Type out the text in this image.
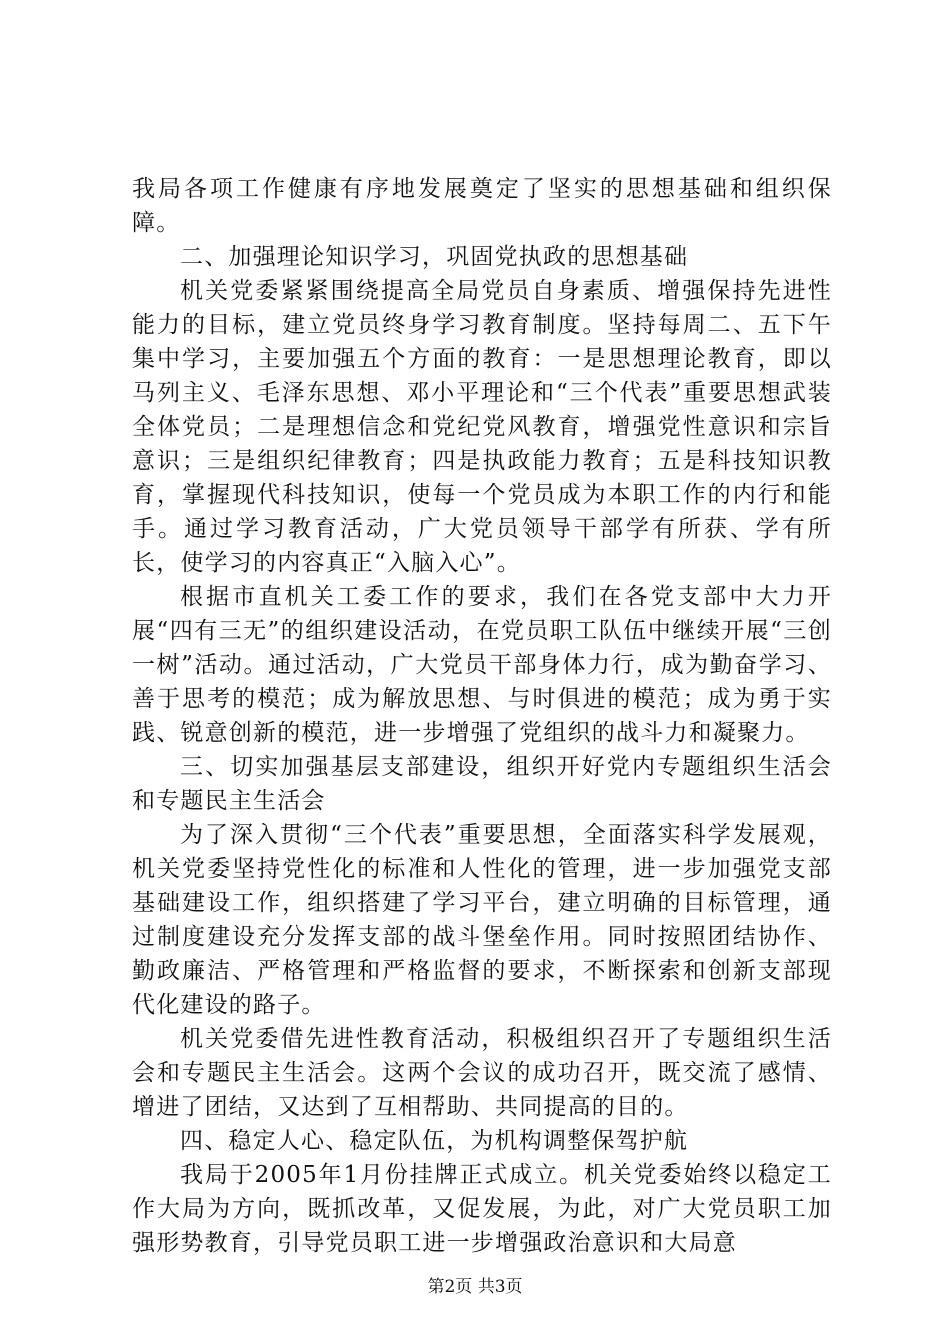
我局各项工作健康有序地发展奠定了坚实的思想基础和组织保障。

二、加强理论知识学习，巩固党执政的思想基础

机关党委紧紧围绕提高全局党员自身素质、增强保持先进性能力的目标，建立党员终身学习教育制度。坚持每周二、五下午集中学习，主要加强五个方面的教育：一是思想理论教育，即以马列主义、毛泽东思想、邓小平理论和“三个代表”重要思想武装全体党员；二是理想信念和党纪党风教育，增强党性意识和宗旨意识；三是组织纪律教育；四是执政能力教育；五是科技知识教育，掌握现代科技知识，使每一个党员成为本职工作的内行和能手。通过学习教育活动，广大党员领导干部学有所获、学有所长，使学习的内容真正“入脑入心”。

根据市直机关工委工作的要求，我们在各党支部中大力开展“四有三无”的组织建设活动，在党员职工队伍中继续开展“三创一树”活动。通过活动，广大党员干部身体力行，成为勤奋学习、善于思考的模范；成为解放思想、与时俱进的模范；成为勇于实践、锐意创新的模范，进一步增强了党组织的战斗力和凝聚力。

三、切实加强基层支部建设，组织开好党内专题组织生活会和专题民主生活会

为了深入贯彻“三个代表”重要思想，全面落实科学发展观，机关党委坚持党性化的标准和人性化的管理，进一步加强党支部基础建设工作，组织搭建了学习平台，建立明确的目标管理，通过制度建设充分发挥支部的战斗堡垒作用。同时按照团结协作、勤政廉洁、严格管理和严格监督的要求，不断探索和创新支部现代化建设的路子。

机关党委借先进性教育活动，积极组织召开了专题组织生活会和专题民主生活会。这两个会议的成功召开，既交流了感情、增进了团结，又达到了互相帮助、共同提高的目的。

四、稳定人心、稳定队伍，为机构调整保驾护航

我局于2005年1月份挂牌正式成立。机关党委始终以稳定工作大局为方向，既抓改革，又促发展，为此，对广大党员职工加强形势教育，引导党员职工进一步增强政治意识和大局意

第2页 共3页
